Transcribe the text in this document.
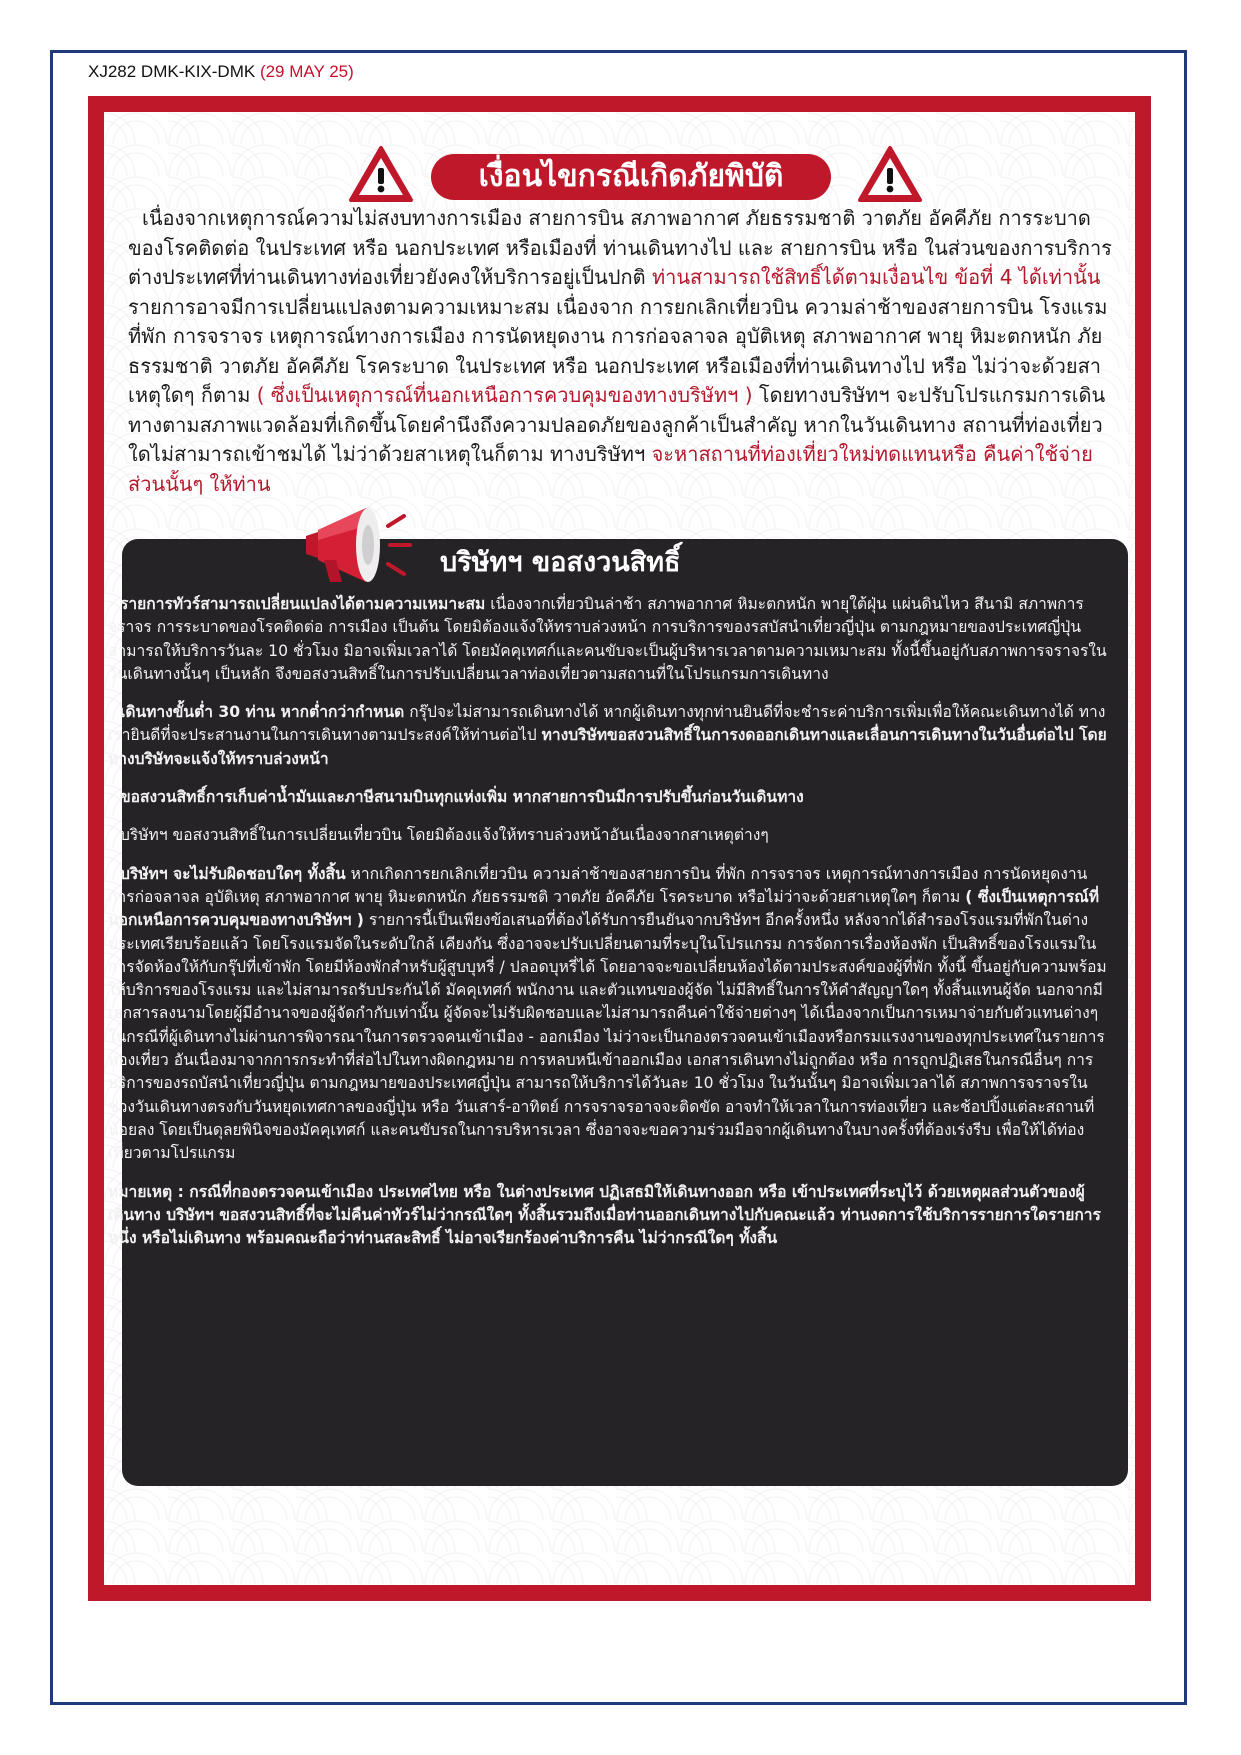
XJ282 DMK-KIX-DMK (29 MAY 25)
เงื่อนไขกรณีเกิดภัยพิบัติ

เนื่องจากเหตุการณ์ความไม่สงบทางการเมือง สายการบิน สภาพอากาศ ภัยธรรมชาติ วาตภัย อัคคีภัย การระบาด ของโรคติดต่อ ในประเทศ หรือ นอกประเทศ หรือเมืองที่ ท่านเดินทางไป และ สายการบิน หรือ ในส่วนของการบริการต่างประเทศที่ท่านเดินทางท่องเที่ยวยังคงให้บริการอยู่เป็นปกติ ท่านสามารถใช้สิทธิ์ได้ตามเงื่อนไข ข้อที่ 4 ได้เท่านั้น

รายการอาจมีการเปลี่ยนแปลงตามความเหมาะสม เนื่องจาก การยกเลิกเที่ยวบิน ความล่าช้าของสายการบิน โรงแรม ที่พัก การจราจร เหตุการณ์ทางการเมือง การนัดหยุดงาน การก่อจลาจล อุบัติเหตุ สภาพอากาศ พายุ หิมะตกหนัก ภัยธรรมชาติ วาตภัย อัคคีภัย โรคระบาด ในประเทศ หรือ นอกประเทศ หรือเมืองที่ท่านเดินทางไป หรือ ไม่ว่าจะด้วยสาเหตุใดๆ ก็ตาม ( ซึ่งเป็นเหตุการณ์ที่นอกเหนือการควบคุมของทางบริษัทฯ ) โดยทางบริษัทฯ จะปรับโปรแกรมการเดินทางตามสภาพแวดล้อมที่เกิดขึ้นโดยคำนึงถึงความปลอดภัยของลูกค้าเป็นสำคัญ หากในวันเดินทาง สถานที่ท่องเที่ยวใดไม่สามารถเข้าชมได้ ไม่ว่าด้วยสาเหตุในก็ตาม ทางบริษัทฯ จะหาสถานที่ท่องเที่ยวใหม่ทดแทนหรือ คืนค่าใช้จ่ายส่วนนั้นๆ ให้ท่าน

บริษัทฯ ขอสงวนสิทธิ์

รายการทัวร์สามารถเปลี่ยนแปลงได้ตามความเหมาะสม เนื่องจากเที่ยวบินล่าช้า สภาพอากาศ หิมะตกหนัก พายุใต้ฝุ่น แผ่นดินไหว สึนามิ สภาพการจราจร การระบาดของโรคติดต่อ การเมือง เป็นต้น โดยมิต้องแจ้งให้ทราบล่วงหน้า การบริการของรสบัสนำเที่ยวญี่ปุ่น ตามกฎหมายของประเทศญี่ปุ่น สามารถให้บริการวันละ 10 ชั่วโมง มิอาจเพิ่มเวลาได้ โดยมัคคุเทศก์และคนขับจะเป็นผู้บริหารเวลาตามความเหมาะสม ทั้งนี้ขึ้นอยู่กับสภาพการจราจรในวันเดินทางนั้นๆ เป็นหลัก จึงขอสงวนสิทธิ์ในการปรับเปลี่ยนเวลาท่องเที่ยวตามสถานที่ในโปรแกรมการเดินทาง

เดินทางขั้นต่ำ 30 ท่าน หากต่ำกว่ากำหนด กรุ๊ปจะไม่สามารถเดินทางได้ หากผู้เดินทางทุกท่านยินดีที่จะชำระค่าบริการเพิ่มเพื่อให้คณะเดินทางได้ ทางเรายินดีที่จะประสานงานในการเดินทางตามประสงค์ให้ท่านต่อไป ทางบริษัทขอสงวนสิทธิ์ในการงดออกเดินทางและเลื่อนการเดินทางในวันอื่นต่อไป โดยทางบริษัทจะแจ้งให้ทราบล่วงหน้า

ขอสงวนสิทธิ์การเก็บค่าน้ำมันและภาษีสนามบินทุกแห่งเพิ่ม หากสายการบินมีการปรับขึ้นก่อนวันเดินทาง

บริษัทฯ ขอสงวนสิทธิ์ในการเปลี่ยนเที่ยวบิน โดยมิต้องแจ้งให้ทราบล่วงหน้าอันเนื่องจากสาเหตุต่างๆ

บริษัทฯ จะไม่รับผิดชอบใดๆ ทั้งสิ้น หากเกิดการยกเลิกเที่ยวบิน ความล่าช้าของสายการบิน ที่พัก การจราจร เหตุการณ์ทางการเมือง การนัดหยุดงาน การก่อจลาจล อุบัติเหตุ สภาพอากาศ พายุ หิมะตกหนัก ภัยธรรมชติ วาตภัย อัคคีภัย โรคระบาด หรือไม่ว่าจะด้วยสาเหตุใดๆ ก็ตาม ( ซึ่งเป็นเหตุการณ์ที่นอกเหนือการควบคุมของทางบริษัทฯ ) รายการนี้เป็นเพียงข้อเสนอที่ต้องได้รับการยืนยันจากบริษัทฯ อีกครั้งหนึ่ง หลังจากได้สำรองโรงแรมที่พักในต่างประเทศเรียบร้อยแล้ว โดยโรงแรมจัดในระดับใกล้ เคียงกัน ซึ่งอาจจะปรับเปลี่ยนตามที่ระบุในโปรแกรม การจัดการเรื่องห้องพัก เป็นสิทธิ์ของโรงแรมในการจัดห้องให้กับกรุ๊ปที่เข้าพัก โดยมีห้องพักสำหรับผู้สูบบุหรี่ / ปลอดบุหรี่ได้ โดยอาจจะขอเปลี่ยนห้องได้ตามประสงค์ของผู้ที่พัก ทั้งนี้ ขึ้นอยู่กับความพร้อมให้บริการของโรงแรม และไม่สามารถรับประกันได้ มัคคุเทศก์ พนักงาน และตัวแทนของผู้จัด ไม่มีสิทธิ์ในการให้คำสัญญาใดๆ ทั้งสิ้นแทนผู้จัด นอกจากมีเอกสารลงนามโดยผู้มีอำนาจของผู้จัดกำกับเท่านั้น ผู้จัดจะไม่รับผิดชอบและไม่สามารถคืนค่าใช้จ่ายต่างๆ ได้เนื่องจากเป็นการเหมาจ่ายกับตัวแทนต่างๆ ในกรณีที่ผู้เดินทางไม่ผ่านการพิจารณาในการตรวจคนเข้าเมือง - ออกเมือง ไม่ว่าจะเป็นกองตรวจคนเข้าเมืองหรือกรมแรงงานของทุกประเทศในรายการท่องเที่ยว อันเนื่องมาจากการกระทำที่ส่อไปในทางผิดกฎหมาย การหลบหนีเข้าออกเมือง เอกสารเดินทางไม่ถูกต้อง หรือ การถูกปฏิเสธในกรณีอื่นๆ การบริการของรถบัสนำเที่ยวญี่ปุ่น ตามกฎหมายของประเทศญี่ปุ่น สามารถให้บริการได้วันละ 10 ชั่วโมง ในวันนั้นๆ มิอาจเพิ่มเวลาได้ สภาพการจราจรในช่วงวันเดินทางตรงกับวันหยุดเทศกาลของญี่ปุ่น หรือ วันเสาร์-อาทิตย์ การจราจรอาจจะติดขัด อาจทำให้เวลาในการท่องเที่ยว และช้อปปิ้งแต่ละสถานที่น้อยลง โดยเป็นดุลยพินิจของมัคคุเทศก์ และคนขับรถในการบริหารเวลา ซึ่งอาจจะขอความร่วมมือจากผู้เดินทางในบางครั้งที่ต้องเร่งรีบ เพื่อให้ได้ท่องเที่ยวตามโปรแกรม

หมายเหตุ : กรณีที่กองตรวจคนเข้าเมือง ประเทศไทย หรือ ในต่างประเทศ ปฏิเสธมิให้เดินทางออก หรือ เข้าประเทศที่ระบุไว้ ด้วยเหตุผลส่วนตัวของผู้เดินทาง บริษัทฯ ขอสงวนสิทธิ์ที่จะไม่คืนค่าทัวร์ไม่ว่ากรณีใดๆ ทั้งสิ้นรวมถึงเมื่อท่านออกเดินทางไปกับคณะแล้ว ท่านงดการใช้บริการรายการใดรายการหนึ่ง หรือไม่เดินทาง พร้อมคณะถือว่าท่านสละสิทธิ์ ไม่อาจเรียกร้องค่าบริการคืน ไม่ว่ากรณีใดๆ ทั้งสิ้น
